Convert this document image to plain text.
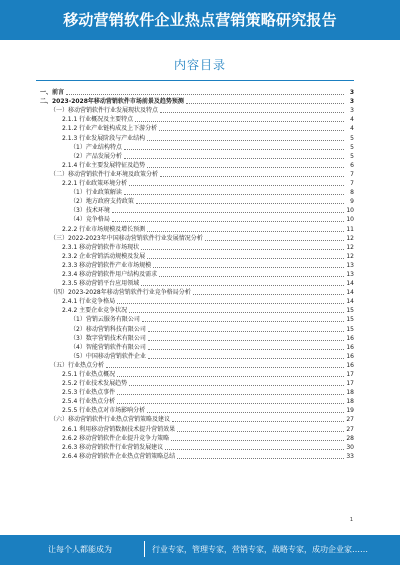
移动营销软件企业热点营销策略研究报告
内容目录
一、前言	3
二、2023-2028年移动营销软件市场前景及趋势预测	3
（一）移动营销软件行业发展现状及特点	3
2.1.1 行业概况及主要特点	4
2.1.2 行业产业链构成及上下游分析	4
2.1.3 行业发展阶段与产业结构	5
（1）产业结构特点	5
（2）产品发展分析	5
2.1.4 行业主要发展特征及趋势	6
（二）移动营销软件行业环境及政策分析	7
2.2.1 行业政策环境分析	7
（1）行业政策解读	8
（2）地方政府支持政策	9
（3）技术环境	10
（4）竞争格局	10
2.2.2 行业市场规模及增长预测	11
（三）2022-2023年中国移动营销软件行业发展情况分析	12
2.3.1 移动营销软件市场现状	12
2.3.2 企业营销活动规模及发展	12
2.3.3 移动营销软件产业市场规模	13
2.3.4 移动营销软件用户结构及需求	13
2.3.5 移动营销平台应用领域	14
（四）2023-2028年移动营销软件行业竞争格局分析	14
2.4.1 行业竞争格局	14
2.4.2 主要企业竞争状况	15
（1）营销云服务有限公司	15
（2）移动营销科技有限公司	15
（3）数字营销技术有限公司	16
（4）智能营销软件有限公司	16
（5）中国移动营销软件企业	16
（五）行业热点分析	16
2.5.1 行业热点概况	17
2.5.2 行业技术发展趋势	17
2.5.3 行业热点事件	18
2.5.4 行业热点分析	18
2.5.5 行业热点对市场影响分析	19
（六）移动营销软件行业热点营销策略及建议	27
2.6.1 利用移动营销数据技术提升营销效果	27
2.6.2 移动营销软件企业提升竞争力策略	28
2.6.3 移动营销软件行业营销发展建议	30
2.6.4 移动营销软件企业热点营销策略总结	33
1
让每个人都能成为	行业专家，管理专家，营销专家，战略专家，成功企业家……
